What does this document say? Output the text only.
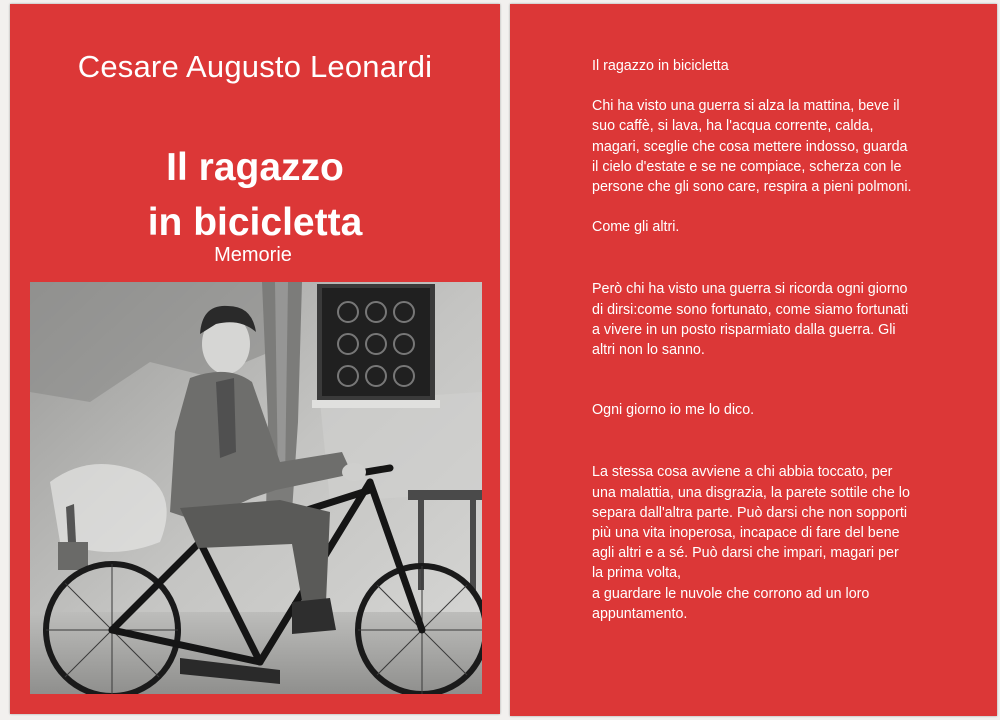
Cesare Augusto Leonardi
Il ragazzo
in bicicletta
Memorie

Il ragazzo in bicicletta

Chi ha visto una guerra si alza la mattina, beve il
suo caffè, si lava, ha l'acqua corrente, calda,
magari, sceglie che cosa mettere indosso, guarda
il cielo d'estate e se ne compiace, scherza con le
persone che gli sono care, respira a pieni polmoni.

Come gli altri.

Però chi ha visto una guerra si ricorda ogni giorno
di dirsi:come sono fortunato, come siamo fortunati
a vivere in un posto risparmiato dalla guerra. Gli
altri non lo sanno.

Ogni giorno io me lo dico.

La stessa cosa avviene a chi abbia toccato, per
una malattia, una disgrazia, la parete sottile che lo
separa dall'altra parte. Può darsi che non sopporti
più una vita inoperosa, incapace di fare del bene
agli altri e a sé. Può darsi che impari, magari per
la prima volta,
a guardare le nuvole che corrono ad un loro
appuntamento.
